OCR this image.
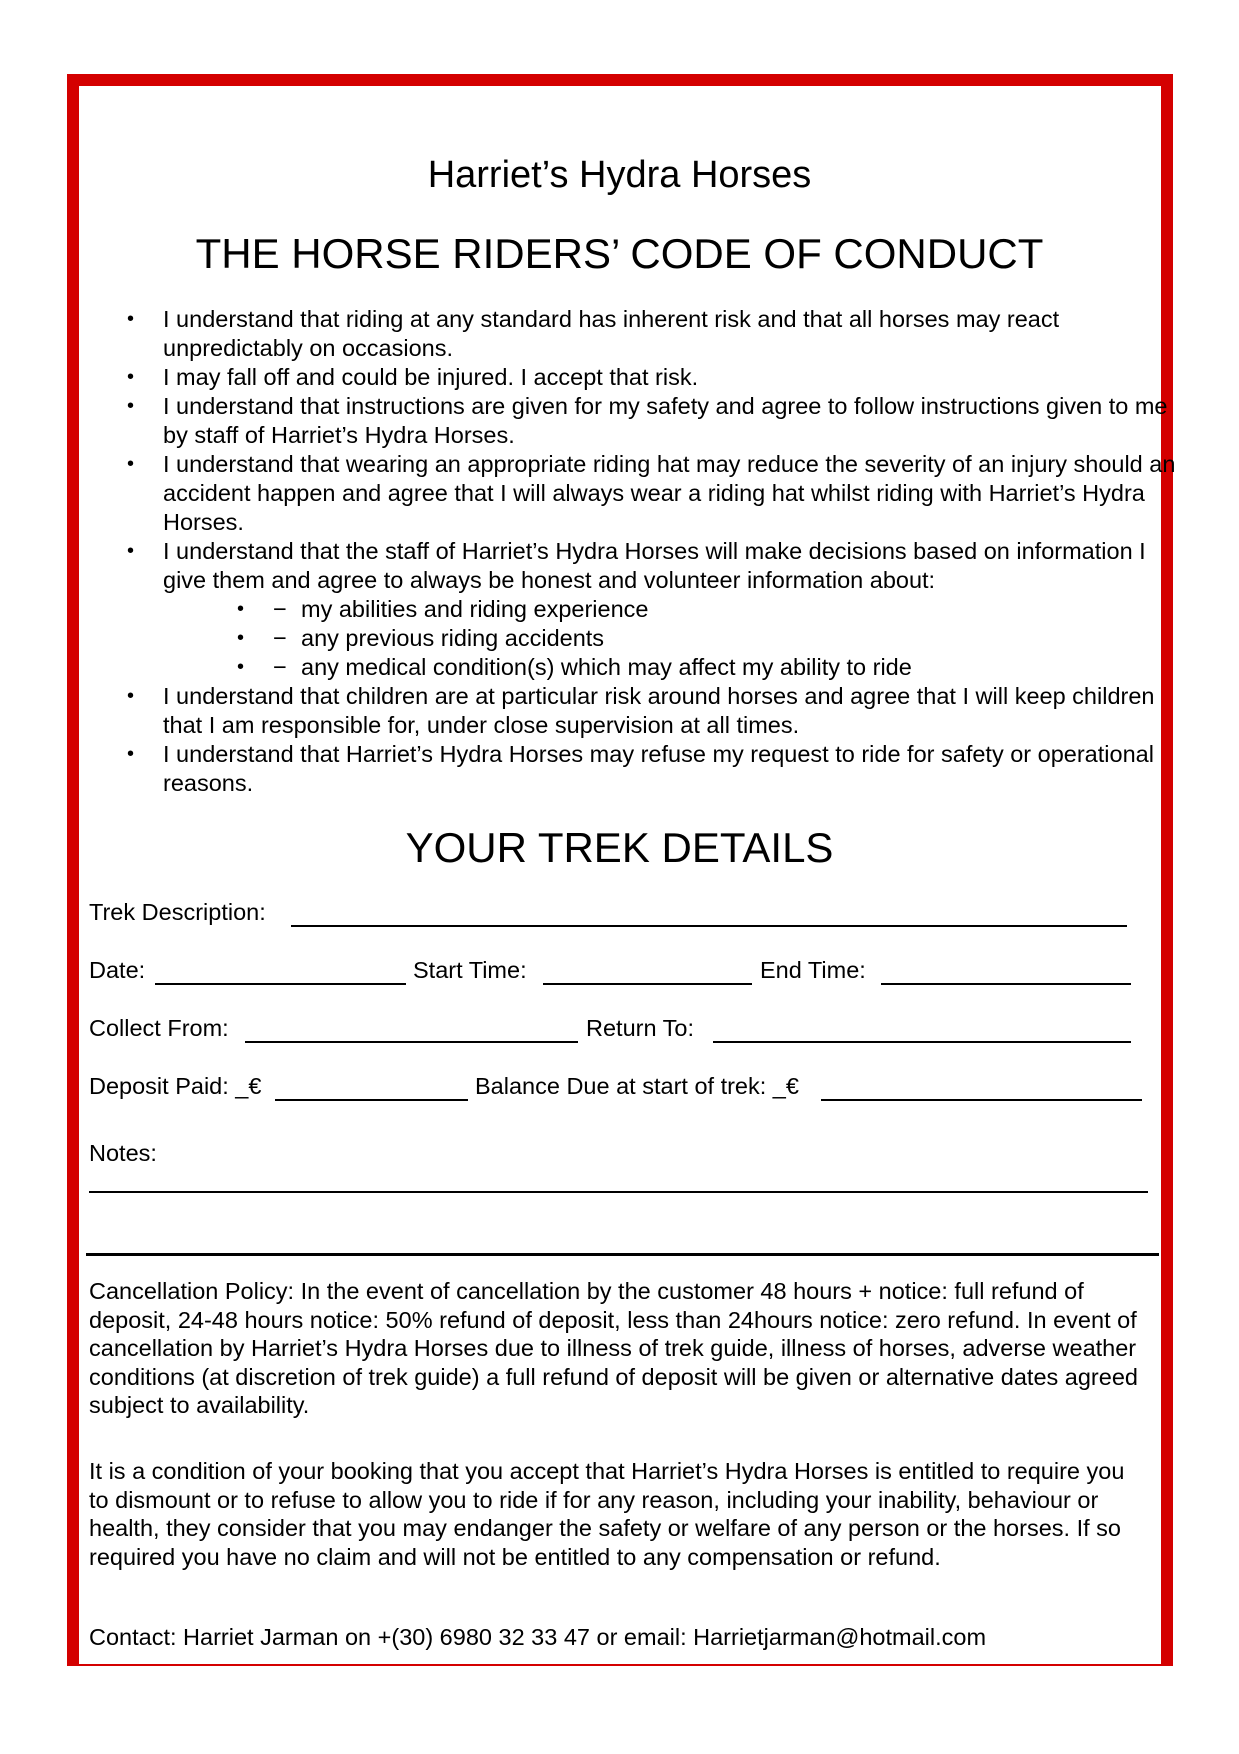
Harriet’s Hydra Horses
THE HORSE RIDERS’ CODE OF CONDUCT
• I understand that riding at any standard has inherent risk and that all horses may react unpredictably on occasions.
• I may fall off and could be injured. I accept that risk.
• I understand that instructions are given for my safety and agree to follow instructions given to me by staff of Harriet’s Hydra Horses.
• I understand that wearing an appropriate riding hat may reduce the severity of an injury should an accident happen and agree that I will always wear a riding hat whilst riding with Harriet’s Hydra Horses.
• I understand that the staff of Harriet’s Hydra Horses will make decisions based on information I give them and agree to always be honest and volunteer information about:
• − my abilities and riding experience
• − any previous riding accidents
• − any medical condition(s) which may affect my ability to ride
• I understand that children are at particular risk around horses and agree that I will keep children that I am responsible for, under close supervision at all times.
• I understand that Harriet’s Hydra Horses may refuse my request to ride for safety or operational reasons.
YOUR TREK DETAILS
Trek Description:
Date:	Start Time:	End Time:
Collect From:	Return To:
Deposit Paid: _€	Balance Due at start of trek: _€
Notes:

Cancellation Policy: In the event of cancellation by the customer 48 hours + notice: full refund of deposit, 24-48 hours notice: 50% refund of deposit, less than 24hours notice: zero refund. In event of cancellation by Harriet’s Hydra Horses due to illness of trek guide, illness of horses, adverse weather conditions (at discretion of trek guide) a full refund of deposit will be given or alternative dates agreed subject to availability.

It is a condition of your booking that you accept that Harriet’s Hydra Horses is entitled to require you to dismount or to refuse to allow you to ride if for any reason, including your inability, behaviour or health, they consider that you may endanger the safety or welfare of any person or the horses. If so required you have no claim and will not be entitled to any compensation or refund.

Contact: Harriet Jarman on +(30) 6980 32 33 47 or email: Harrietjarman@hotmail.com
